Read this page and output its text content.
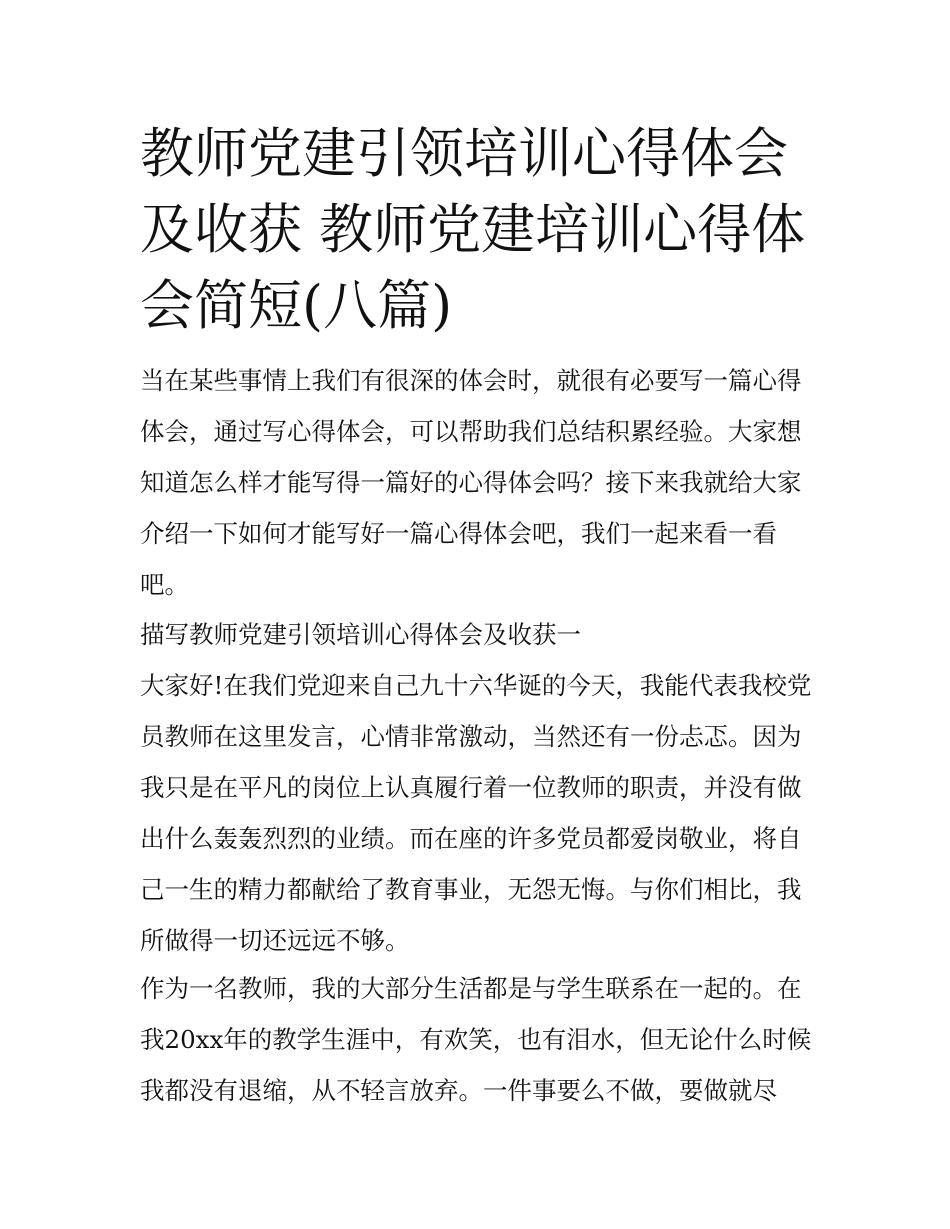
教师党建引领培训心得体会及收获 教师党建培训心得体会简短(八篇)

当在某些事情上我们有很深的体会时，就很有必要写一篇心得体会，通过写心得体会，可以帮助我们总结积累经验。大家想知道怎么样才能写得一篇好的心得体会吗？接下来我就给大家介绍一下如何才能写好一篇心得体会吧，我们一起来看一看吧。

描写教师党建引领培训心得体会及收获一

大家好!在我们党迎来自己九十六华诞的今天，我能代表我校党员教师在这里发言，心情非常激动，当然还有一份忐忑。因为我只是在平凡的岗位上认真履行着一位教师的职责，并没有做出什么轰轰烈烈的业绩。而在座的许多党员都爱岗敬业，将自己一生的精力都献给了教育事业，无怨无悔。与你们相比，我所做得一切还远远不够。

作为一名教师，我的大部分生活都是与学生联系在一起的。在我20xx年的教学生涯中，有欢笑，也有泪水，但无论什么时候我都没有退缩，从不轻言放弃。一件事要么不做，要做就尽
